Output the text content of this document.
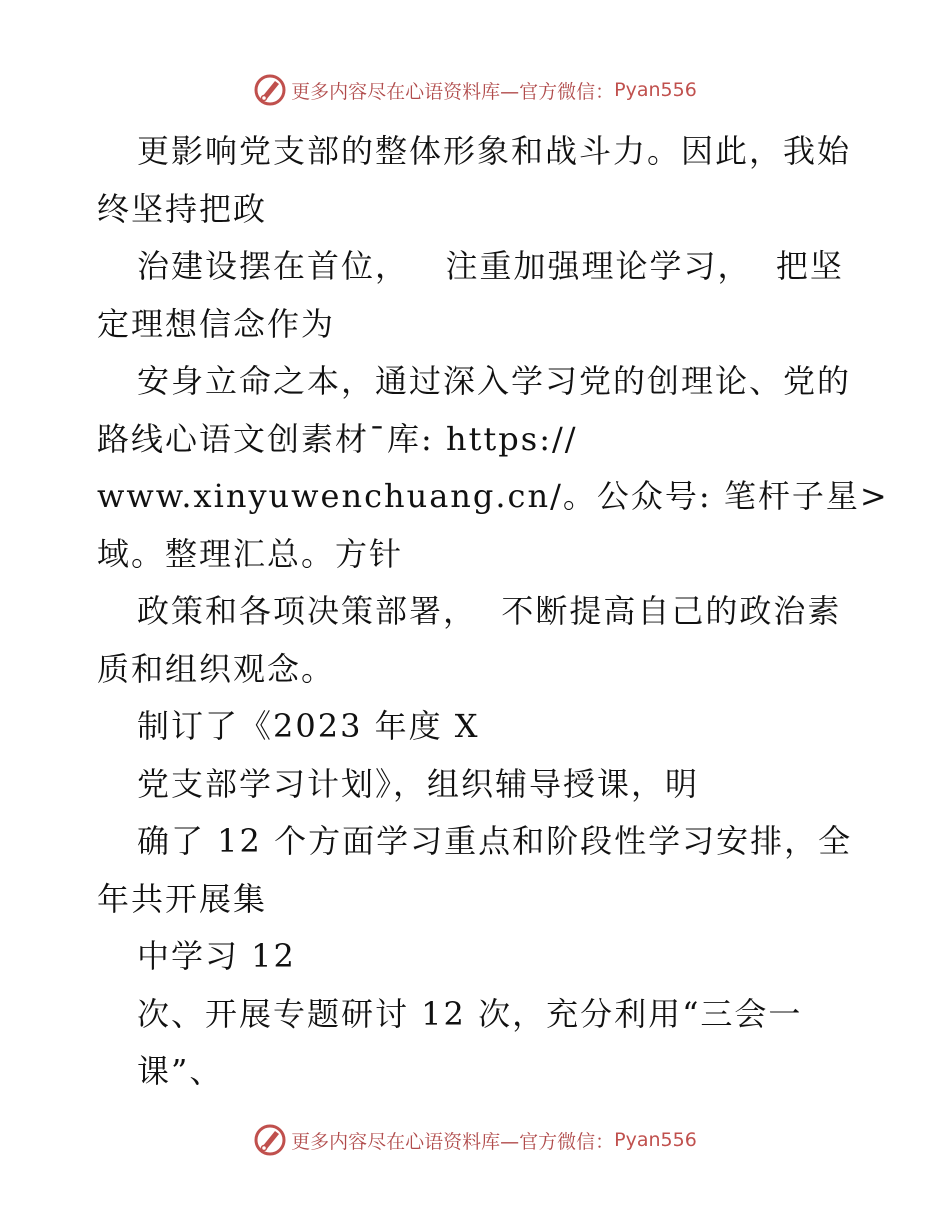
更多内容尽在心语资料库—官方微信： Pyan556
更影响党支部的整体形象和战斗力。因此，我始
终坚持把政
治建设摆在首位，   注重加强理论学习，  把坚
定理想信念作为
安身立命之本，通过深入学习党的创理论、党的
路线心语文创素材¯库: https://
www.xinyuwenchuang.cn/。公众号: 笔杆子星>
域。整理汇总。方针
政策和各项决策部署，  不断提高自己的政治素
质和组织观念。
制订了《2023 年度 X
党支部学习计划》，组织辅导授课，明
确了 12 个方面学习重点和阶段性学习安排，全
年共开展集
中学习 12
次、开展专题研讨 12 次，充分利用“三会一
课”、
更多内容尽在心语资料库—官方微信： Pyan556
